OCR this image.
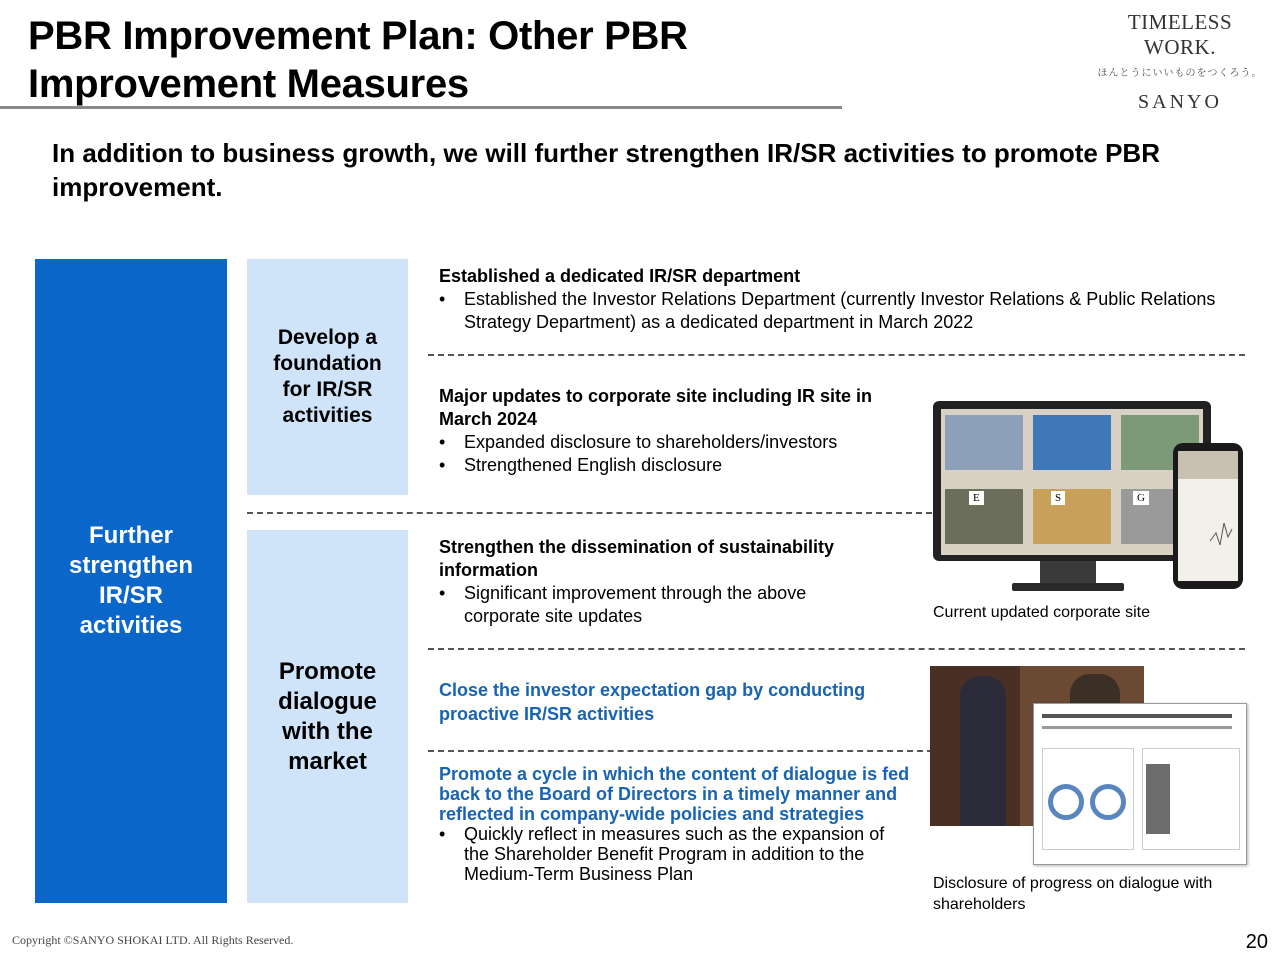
PBR Improvement Plan: Other PBR Improvement Measures
TIMELESS WORK.
ほんとうにいいものをつくろう。
SANYO
In addition to business growth, we will further strengthen IR/SR activities to promote PBR improvement.
Further strengthen IR/SR activities
Develop a foundation for IR/SR activities
Promote dialogue with the market
Established a dedicated IR/SR department
• Established the Investor Relations Department (currently Investor Relations & Public Relations Strategy Department) as a dedicated department in March 2022
Major updates to corporate site including IR site in March 2024
• Expanded disclosure to shareholders/investors
• Strengthened English disclosure
Strengthen the dissemination of sustainability information
• Significant improvement through the above corporate site updates
Close the investor expectation gap by conducting proactive IR/SR activities
Promote a cycle in which the content of dialogue is fed back to the Board of Directors in a timely manner and reflected in company-wide policies and strategies
• Quickly reflect in measures such as the expansion of the Shareholder Benefit Program in addition to the Medium-Term Business Plan
E	S	G
Current updated corporate site
Disclosure of progress on dialogue with shareholders
Copyright ©SANYO SHOKAI LTD. All Rights Reserved.	20
